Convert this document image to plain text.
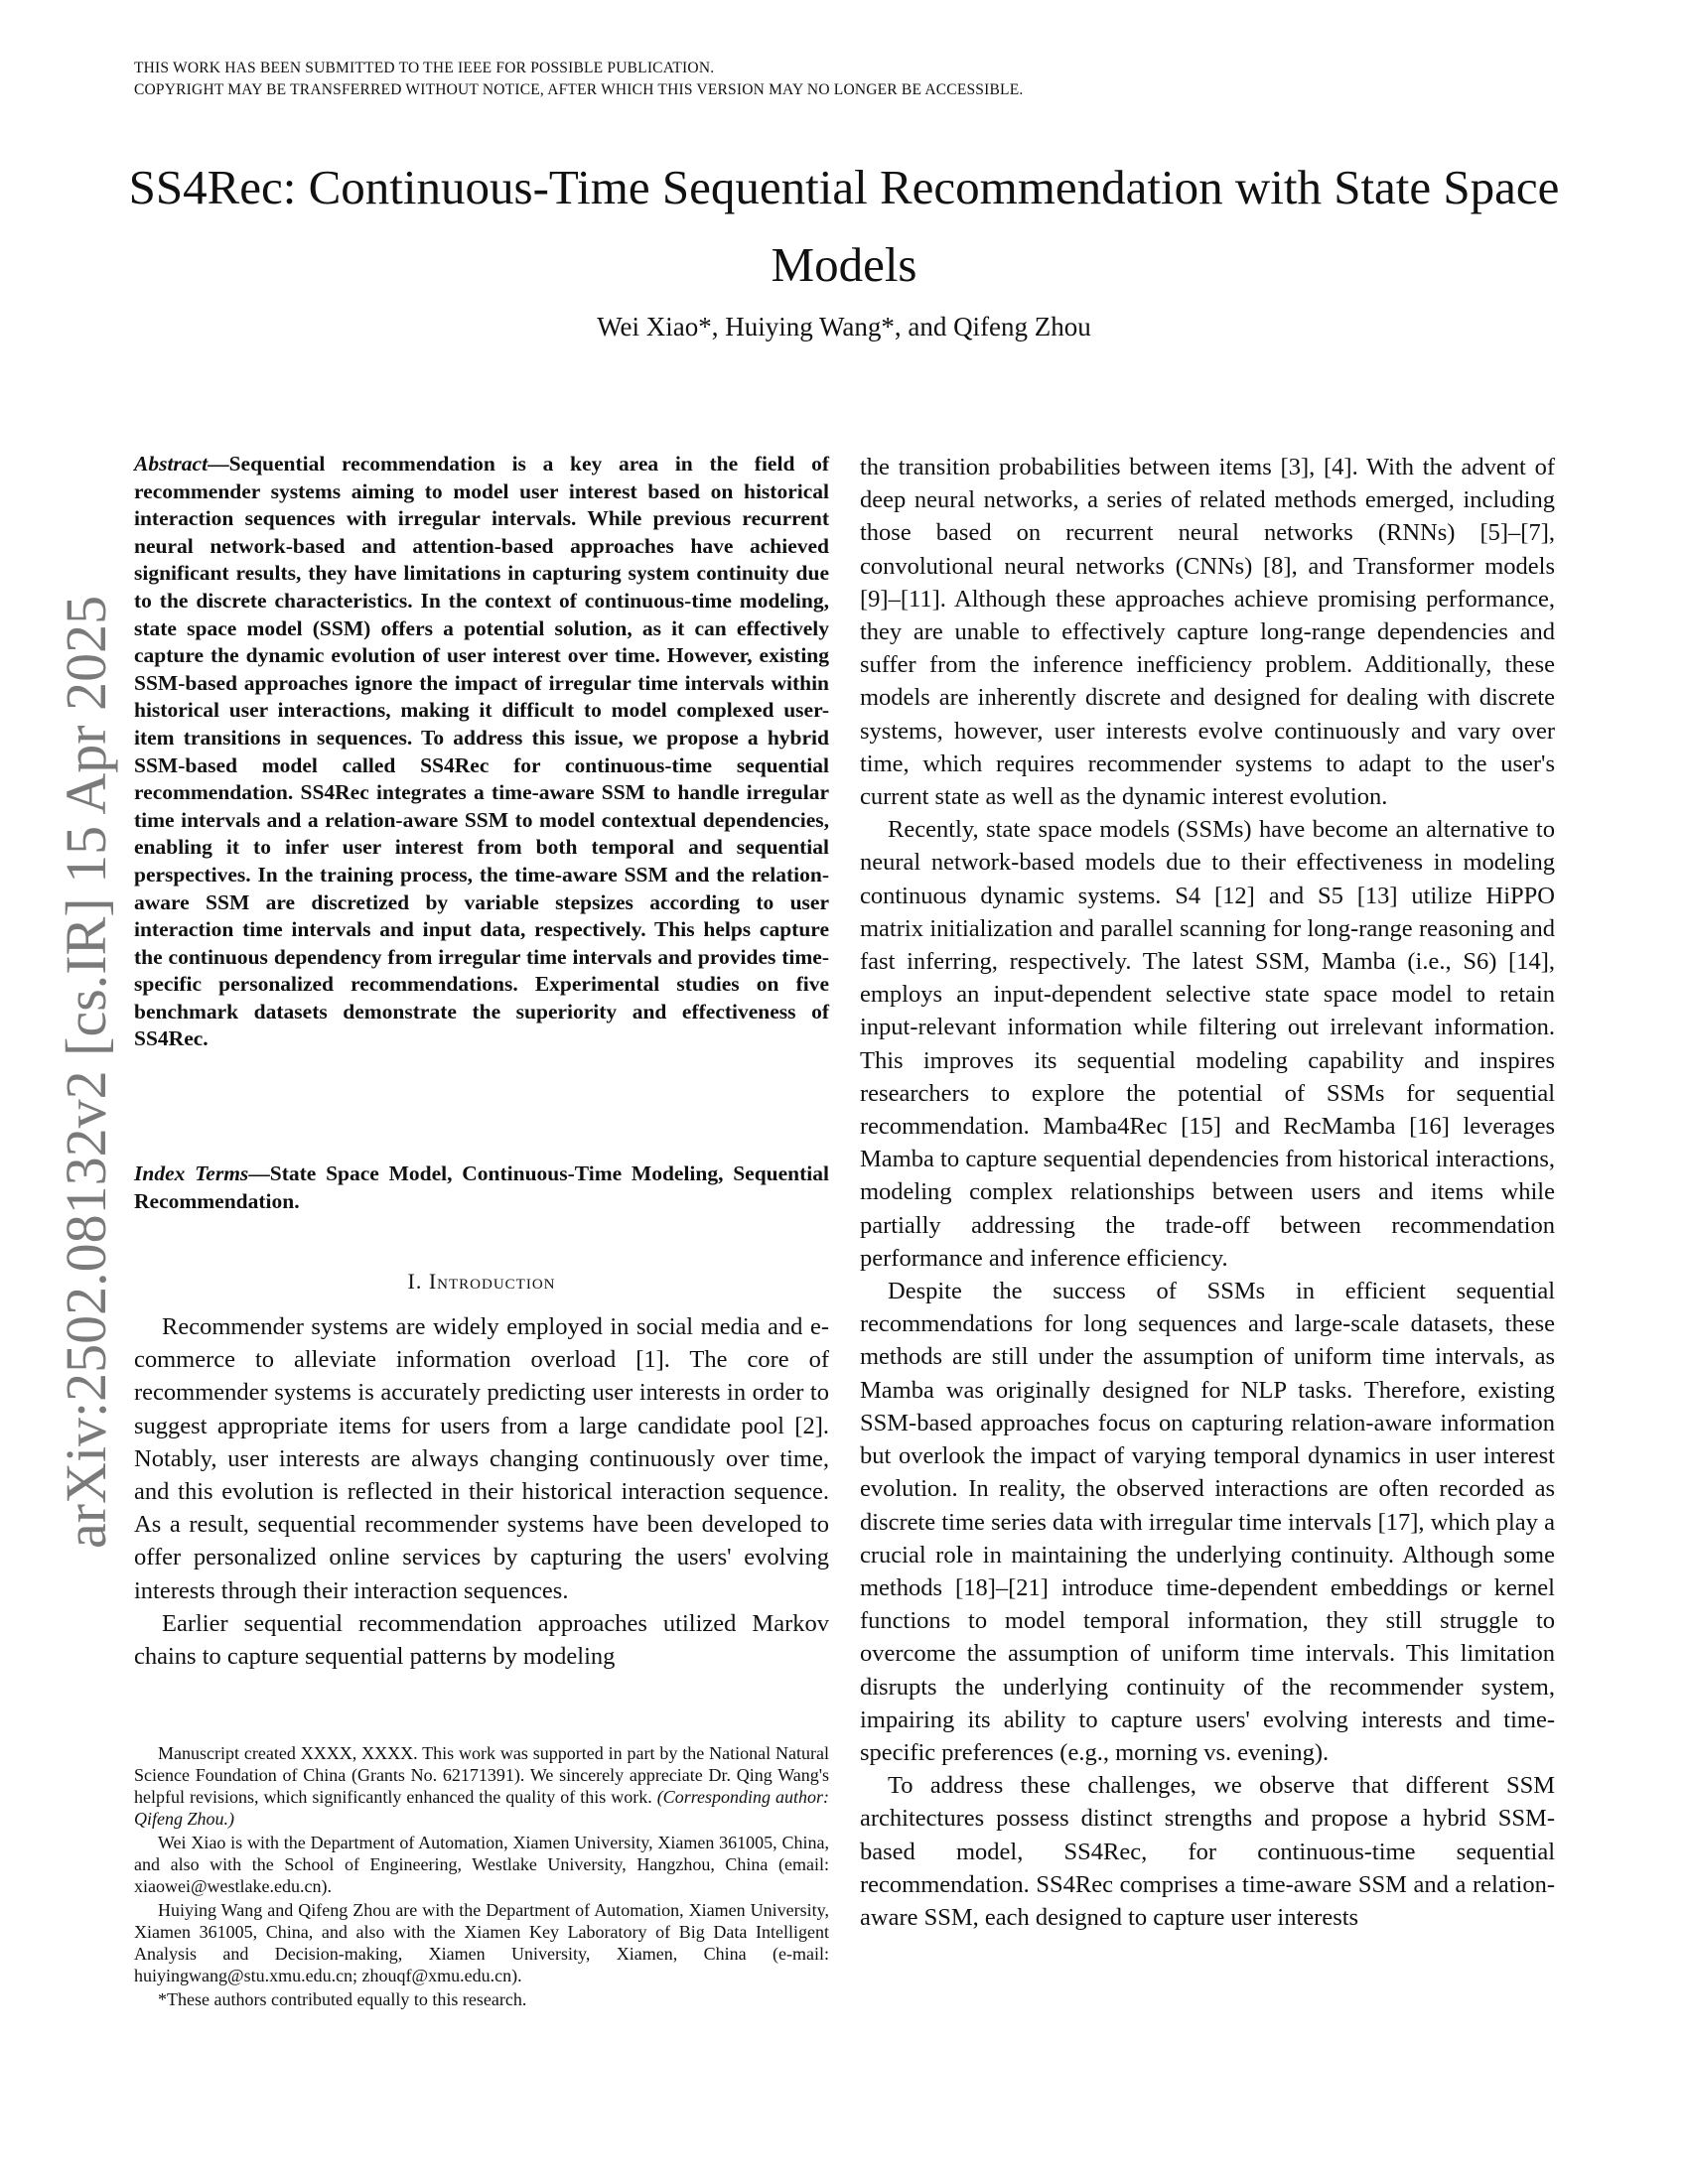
THIS WORK HAS BEEN SUBMITTED TO THE IEEE FOR POSSIBLE PUBLICATION.
COPYRIGHT MAY BE TRANSFERRED WITHOUT NOTICE, AFTER WHICH THIS VERSION MAY NO LONGER BE ACCESSIBLE.
SS4Rec: Continuous-Time Sequential Recommendation with State Space Models
Wei Xiao*, Huiying Wang*, and Qifeng Zhou
arXiv:2502.08132v2 [cs.IR] 15 Apr 2025
Abstract—Sequential recommendation is a key area in the field of recommender systems aiming to model user interest based on historical interaction sequences with irregular intervals. While previous recurrent neural network-based and attention-based approaches have achieved significant results, they have limitations in capturing system continuity due to the discrete characteristics. In the context of continuous-time modeling, state space model (SSM) offers a potential solution, as it can effectively capture the dynamic evolution of user interest over time. However, existing SSM-based approaches ignore the impact of irregular time intervals within historical user interactions, making it difficult to model complexed user-item transitions in sequences. To address this issue, we propose a hybrid SSM-based model called SS4Rec for continuous-time sequential recommendation. SS4Rec integrates a time-aware SSM to handle irregular time intervals and a relation-aware SSM to model contextual dependencies, enabling it to infer user interest from both temporal and sequential perspectives. In the training process, the time-aware SSM and the relation-aware SSM are discretized by variable stepsizes according to user interaction time intervals and input data, respectively. This helps capture the continuous dependency from irregular time intervals and provides time-specific personalized recommendations. Experimental studies on five benchmark datasets demonstrate the superiority and effectiveness of SS4Rec.
Index Terms—State Space Model, Continuous-Time Modeling, Sequential Recommendation.
I. Introduction

Recommender systems are widely employed in social media and e-commerce to alleviate information overload [1]. The core of recommender systems is accurately predicting user interests in order to suggest appropriate items for users from a large candidate pool [2]. Notably, user interests are always changing continuously over time, and this evolution is reflected in their historical interaction sequence. As a result, sequential recommender systems have been developed to offer personalized online services by capturing the users' evolving interests through their interaction sequences.

Earlier sequential recommendation approaches utilized Markov chains to capture sequential patterns by modeling

Manuscript created XXXX, XXXX. This work was supported in part by the National Natural Science Foundation of China (Grants No. 62171391). We sincerely appreciate Dr. Qing Wang's helpful revisions, which significantly enhanced the quality of this work. (Corresponding author: Qifeng Zhou.)

Wei Xiao is with the Department of Automation, Xiamen University, Xiamen 361005, China, and also with the School of Engineering, Westlake University, Hangzhou, China (email: xiaowei@westlake.edu.cn).

Huiying Wang and Qifeng Zhou are with the Department of Automation, Xiamen University, Xiamen 361005, China, and also with the Xiamen Key Laboratory of Big Data Intelligent Analysis and Decision-making, Xiamen University, Xiamen, China (e-mail: huiyingwang@stu.xmu.edu.cn; zhouqf@xmu.edu.cn).

*These authors contributed equally to this research.

the transition probabilities between items [3], [4]. With the advent of deep neural networks, a series of related methods emerged, including those based on recurrent neural networks (RNNs) [5]–[7], convolutional neural networks (CNNs) [8], and Transformer models [9]–[11]. Although these approaches achieve promising performance, they are unable to effectively capture long-range dependencies and suffer from the inference inefficiency problem. Additionally, these models are inherently discrete and designed for dealing with discrete systems, however, user interests evolve continuously and vary over time, which requires recommender systems to adapt to the user's current state as well as the dynamic interest evolution.

Recently, state space models (SSMs) have become an alternative to neural network-based models due to their effectiveness in modeling continuous dynamic systems. S4 [12] and S5 [13] utilize HiPPO matrix initialization and parallel scanning for long-range reasoning and fast inferring, respectively. The latest SSM, Mamba (i.e., S6) [14], employs an input-dependent selective state space model to retain input-relevant information while filtering out irrelevant information. This improves its sequential modeling capability and inspires researchers to explore the potential of SSMs for sequential recommendation. Mamba4Rec [15] and RecMamba [16] leverages Mamba to capture sequential dependencies from historical interactions, modeling complex relationships between users and items while partially addressing the trade-off between recommendation performance and inference efficiency.

Despite the success of SSMs in efficient sequential recommendations for long sequences and large-scale datasets, these methods are still under the assumption of uniform time intervals, as Mamba was originally designed for NLP tasks. Therefore, existing SSM-based approaches focus on capturing relation-aware information but overlook the impact of varying temporal dynamics in user interest evolution. In reality, the observed interactions are often recorded as discrete time series data with irregular time intervals [17], which play a crucial role in maintaining the underlying continuity. Although some methods [18]–[21] introduce time-dependent embeddings or kernel functions to model temporal information, they still struggle to overcome the assumption of uniform time intervals. This limitation disrupts the underlying continuity of the recommender system, impairing its ability to capture users' evolving interests and time-specific preferences (e.g., morning vs. evening).

To address these challenges, we observe that different SSM architectures possess distinct strengths and propose a hybrid SSM-based model, SS4Rec, for continuous-time sequential recommendation. SS4Rec comprises a time-aware SSM and a relation-aware SSM, each designed to capture user interests
